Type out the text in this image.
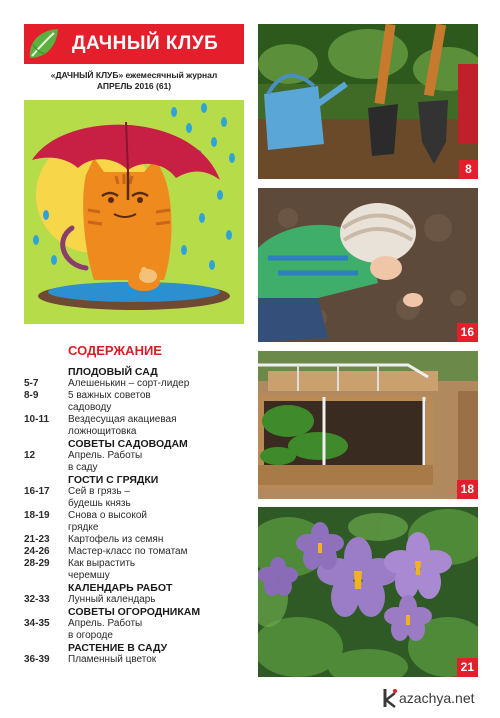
ДАЧНЫЙ КЛУБ
«ДАЧНЫЙ КЛУБ» ежемесячный журнал
АПРЕЛЬ 2016 (61)
СОДЕРЖАНИЕ
ПЛОДОВЫЙ САД
5-7	Алешенькин – сорт-лидер
8-9	5 важных советов
садоводу
10-11	Вездесущая акациевая
ложнощитовка
СОВЕТЫ САДОВОДАМ
12	Апрель. Работы
в саду
ГОСТИ С ГРЯДКИ
16-17	Сей в грязь –
будешь князь
18-19	Снова о высокой
грядке
21-23	Картофель из семян
24-26	Мастер-класс по томатам
28-29	Как вырастить
черемшу
КАЛЕНДАРЬ РАБОТ
32-33	Лунный календарь
СОВЕТЫ ОГОРОДНИКАМ
34-35	Апрель. Работы
в огороде
РАСТЕНИЕ В САДУ
36-39	Пламенный цветок
8
16
18
21
azachya.net
